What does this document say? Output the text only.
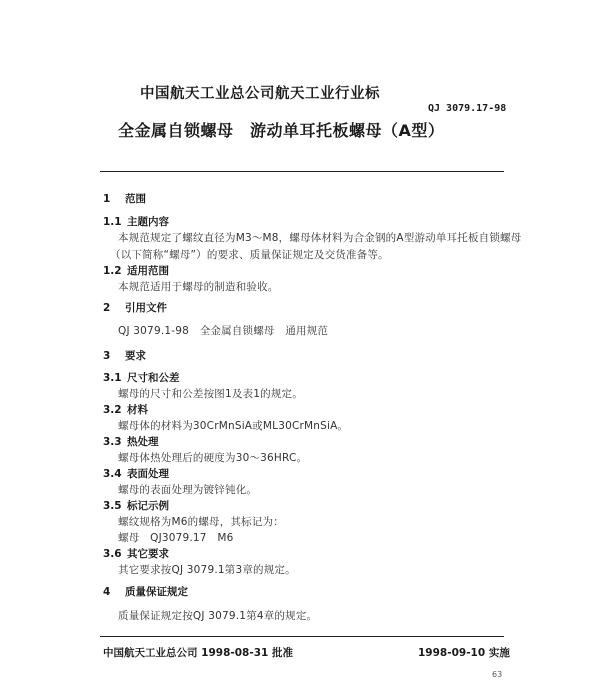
中国航天工业总公司航天工业行业标
QJ 3079.17-98
全金属自锁螺母　游动单耳托板螺母（A型）
1 范围
1.1 主题内容
本规范规定了螺纹直径为M3～M8，螺母体材料为合金钢的A型游动单耳托板自锁螺母
（以下简称“螺母”）的要求、质量保证规定及交货准备等。
1.2 适用范围
本规范适用于螺母的制造和验收。
2 引用文件
QJ 3079.1-98　全金属自锁螺母　通用规范
3 要求
3.1 尺寸和公差
螺母的尺寸和公差按图1及表1的规定。
3.2 材料
螺母体的材料为30CrMnSiA或ML30CrMnSiA。
3.3 热处理
螺母体热处理后的硬度为30～36HRC。
3.4 表面处理
螺母的表面处理为镀锌钝化。
3.5 标记示例
螺纹规格为M6的螺母，其标记为：
螺母　QJ3079.17　M6
3.6 其它要求
其它要求按QJ 3079.1第3章的规定。
4 质量保证规定
质量保证规定按QJ 3079.1第4章的规定。
中国航天工业总公司 1998-08-31 批准	1998-09-10 实施
63
